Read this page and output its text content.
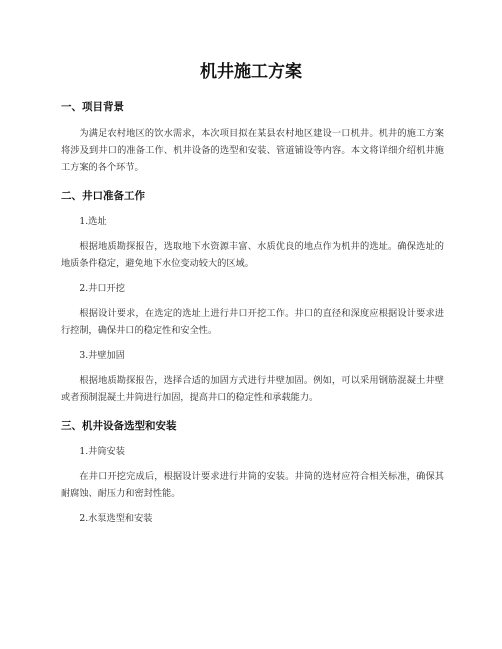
机井施工方案
一、项目背景

为满足农村地区的饮水需求，本次项目拟在某县农村地区建设一口机井。机井的施工方案将涉及到井口的准备工作、机井设备的选型和安装、管道铺设等内容。本文将详细介绍机井施工方案的各个环节。

二、井口准备工作

1.选址

根据地质勘探报告，选取地下水资源丰富、水质优良的地点作为机井的选址。确保选址的地质条件稳定，避免地下水位变动较大的区域。

2.井口开挖

根据设计要求，在选定的选址上进行井口开挖工作。井口的直径和深度应根据设计要求进行控制，确保井口的稳定性和安全性。

3.井壁加固

根据地质勘探报告，选择合适的加固方式进行井壁加固。例如，可以采用钢筋混凝土井壁或者预制混凝土井筒进行加固，提高井口的稳定性和承载能力。

三、机井设备选型和安装

1.井筒安装

在井口开挖完成后，根据设计要求进行井筒的安装。井筒的选材应符合相关标准，确保其耐腐蚀、耐压力和密封性能。

2.水泵选型和安装
